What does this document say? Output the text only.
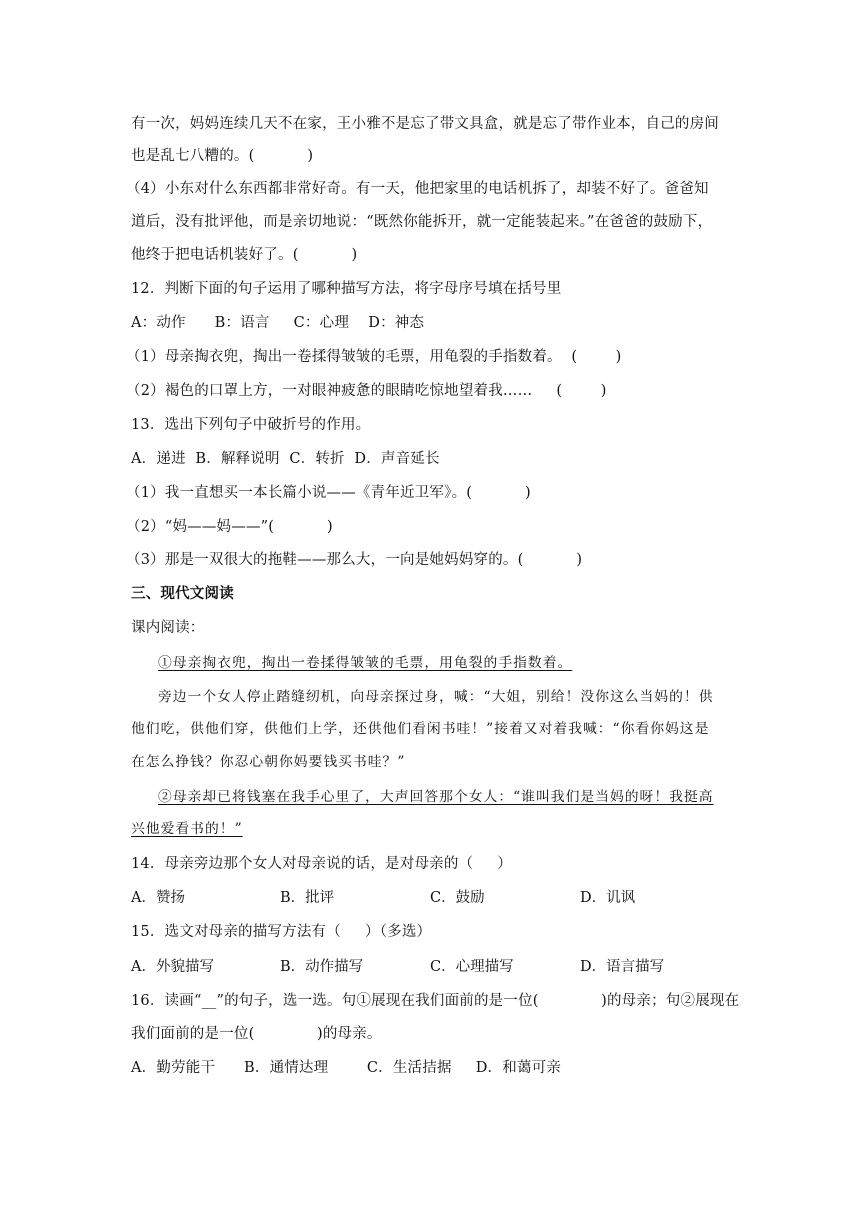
有一次，妈妈连续几天不在家，王小雅不是忘了带文具盒，就是忘了带作业本，自己的房间
也是乱七八糟的。(           )
（4）小东对什么东西都非常好奇。有一天，他把家里的电话机拆了，却装不好了。爸爸知
道后，没有批评他，而是亲切地说：“既然你能拆开，就一定能装起来。”在爸爸的鼓励下，
他终于把电话机装好了。(           )
12．判断下面的句子运用了哪种描写方法，将字母序号填在括号里
A：动作      B：语言     C：心理    D：神态
（1）母亲掏衣兜，掏出一卷揉得皱皱的毛票，用龟裂的手指数着。  (        )
（2）褐色的口罩上方，一对眼神疲惫的眼睛吃惊地望着我……     (        )
13．选出下列句子中破折号的作用。
A．递进  B．解释说明  C．转折  D．声音延长
（1）我一直想买一本长篇小说——《青年近卫军》。(           )
（2）“妈——妈——”(           )
（3）那是一双很大的拖鞋——那么大，一向是她妈妈穿的。(           )
三、现代文阅读
课内阅读：
①母亲掏衣兜，掏出一卷揉得皱皱的毛票，用龟裂的手指数着。
旁边一个女人停止踏缝纫机，向母亲探过身，喊：“大姐，别给！没你这么当妈的！供
他们吃，供他们穿，供他们上学，还供他们看闲书哇！”接着又对着我喊：“你看你妈这是
在怎么挣钱？你忍心朝你妈要钱买书哇？”
②母亲却已将钱塞在我手心里了，大声回答那个女人：“谁叫我们是当妈的呀！我挺高
兴他爱看书的！”
14．母亲旁边那个女人对母亲说的话，是对母亲的（     ）
A．赞扬	B．批评	C．鼓励	D．讥讽
15．选文对母亲的描写方法有（     ）（多选）
A．外貌描写	B．动作描写	C．心理描写	D．语言描写
16．读画“__”的句子，选一选。句①展现在我们面前的是一位(             )的母亲；句②展现在
我们面前的是一位(             )的母亲。
A．勤劳能干      B．通情达理        C．生活拮据     D．和蔼可亲
